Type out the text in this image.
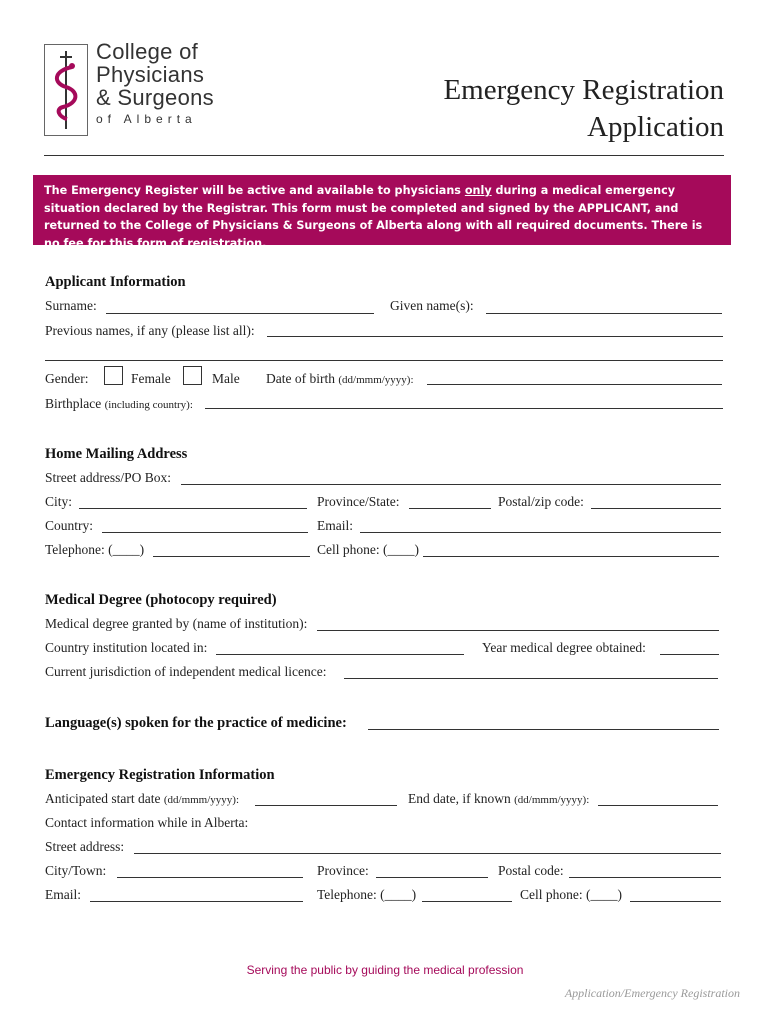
College of
Physicians
& Surgeons
of Alberta
Emergency Registration
Application
The Emergency Register will be active and available to physicians only during a medical emergency situation declared by the Registrar. This form must be completed and signed by the APPLICANT, and returned to the College of Physicians & Surgeons of Alberta along with all required documents. There is no fee for this form of registration.
Applicant Information
Surname:	Given name(s):
Previous names, if any (please list all):
Gender:	Female	Male Date of birth (dd/mmm/yyyy):
Birthplace (including country):
Home Mailing Address
Street address/PO Box:
City:	Province/State:	Postal/zip code:
Country:	Email:
Telephone: (____)	Cell phone: (____)
Medical Degree (photocopy required)
Medical degree granted by (name of institution):
Country institution located in:	Year medical degree obtained:
Current jurisdiction of independent medical licence:
Language(s) spoken for the practice of medicine:
Emergency Registration Information
Anticipated start date (dd/mmm/yyyy):	End date, if known (dd/mmm/yyyy):
Contact information while in Alberta:
Street address:
City/Town:	Province:	Postal code:
Email:	Telephone: (____)	Cell phone: (____)
Serving the public by guiding the medical profession
Application/Emergency Registration
